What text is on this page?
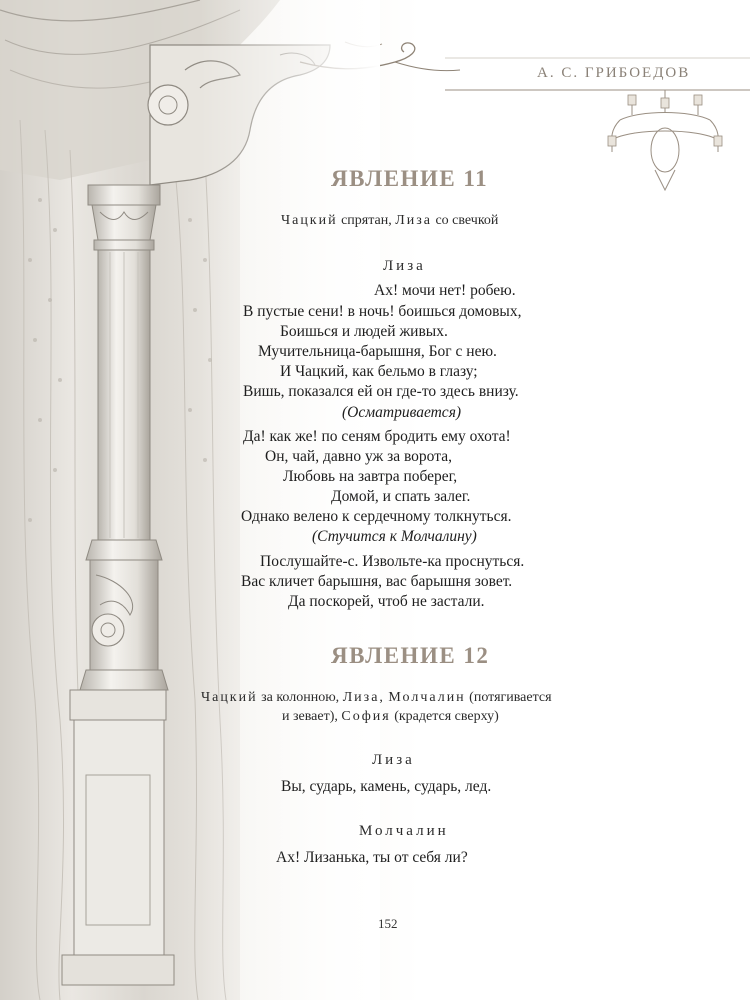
А. С. ГРИБОЕДОВ
ЯВЛЕНИЕ 11
Чацкий спрятан, Лиза со свечкой
Лиза
Ах! мочи нет! робею.
В пустые сени! в ночь! боишься домовых,
Боишься и людей живых.
Мучительница-барышня, Бог с нею.
И Чацкий, как бельмо в глазу;
Вишь, показался ей он где-то здесь внизу.
(Осматривается)
Да! как же! по сеням бродить ему охота!
Он, чай, давно уж за ворота,
Любовь на завтра поберег,
Домой, и спать залег.
Однако велено к сердечному толкнуться.
(Стучится к Молчалину)
Послушайте-с. Извольте-ка проснуться.
Вас кличет барышня, вас барышня зовет.
Да поскорей, чтоб не застали.
ЯВЛЕНИЕ 12
Чацкий за колонною, Лиза, Молчалин (потягивается
и зевает), София (крадется сверху)
Лиза
Вы, сударь, камень, сударь, лед.
Молчалин
Ах! Лизанька, ты от себя ли?
152
